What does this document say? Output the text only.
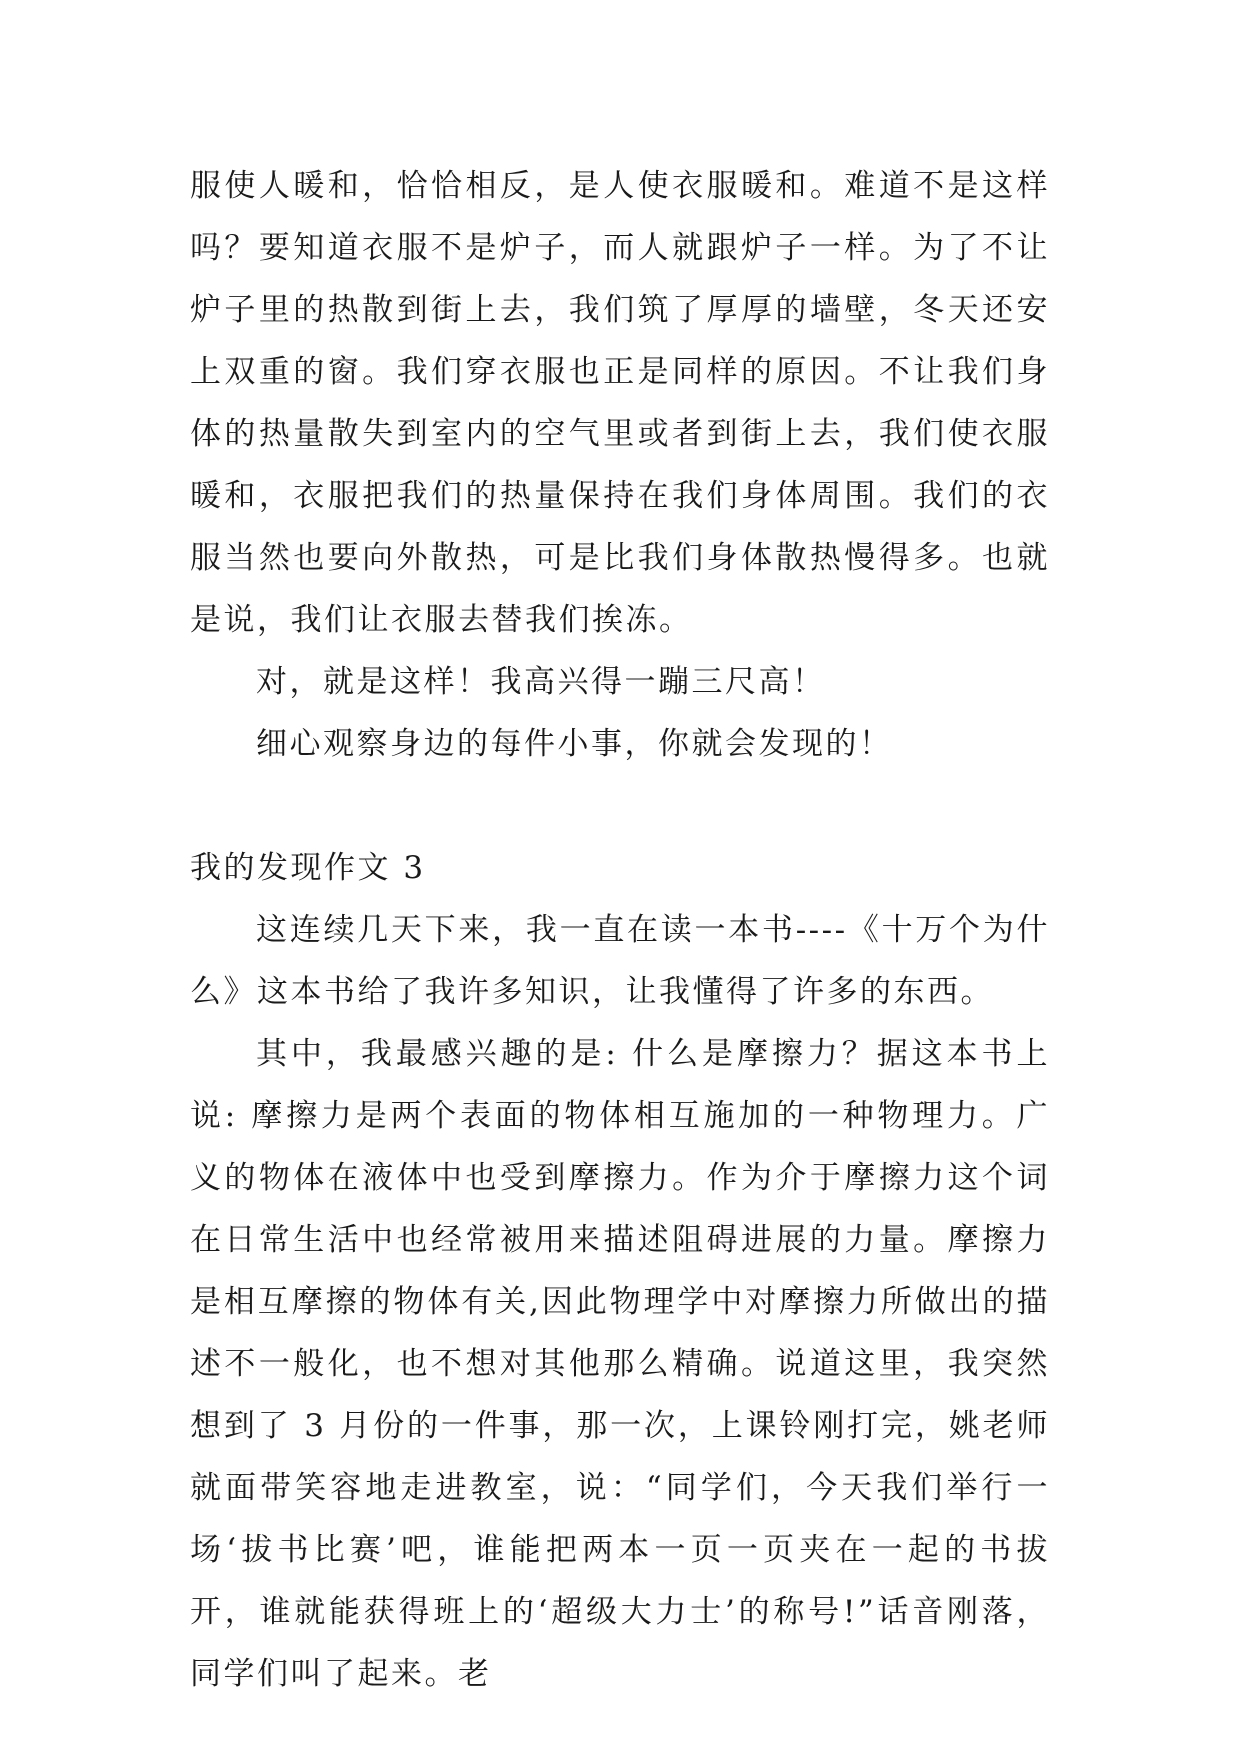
服使人暖和，恰恰相反，是人使衣服暖和。难道不是这样吗？要知道衣服不是炉子，而人就跟炉子一样。为了不让炉子里的热散到街上去，我们筑了厚厚的墙壁，冬天还安上双重的窗。我们穿衣服也正是同样的原因。不让我们身体的热量散失到室内的空气里或者到街上去，我们使衣服暖和，衣服把我们的热量保持在我们身体周围。我们的衣服当然也要向外散热，可是比我们身体散热慢得多。也就是说，我们让衣服去替我们挨冻。

对，就是这样！我高兴得一蹦三尺高！

细心观察身边的每件小事，你就会发现的！

我的发现作文 3

这连续几天下来，我一直在读一本书----《十万个为什么》这本书给了我许多知识，让我懂得了许多的东西。

其中，我最感兴趣的是: 什么是摩擦力？据这本书上说: 摩擦力是两个表面的物体相互施加的一种物理力。广义的物体在液体中也受到摩擦力。作为介于摩擦力这个词在日常生活中也经常被用来描述阻碍进展的力量。摩擦力是相互摩擦的物体有关,因此物理学中对摩擦力所做出的描述不一般化，也不想对其他那么精确。说道这里，我突然想到了 3 月份的一件事，那一次，上课铃刚打完，姚老师就面带笑容地走进教室，说：“同学们，今天我们举行一场‘拔书比赛’吧，谁能把两本一页一页夹在一起的书拔开，谁就能获得班上的‘超级大力士’的称号!”话音刚落，同学们叫了起来。老
